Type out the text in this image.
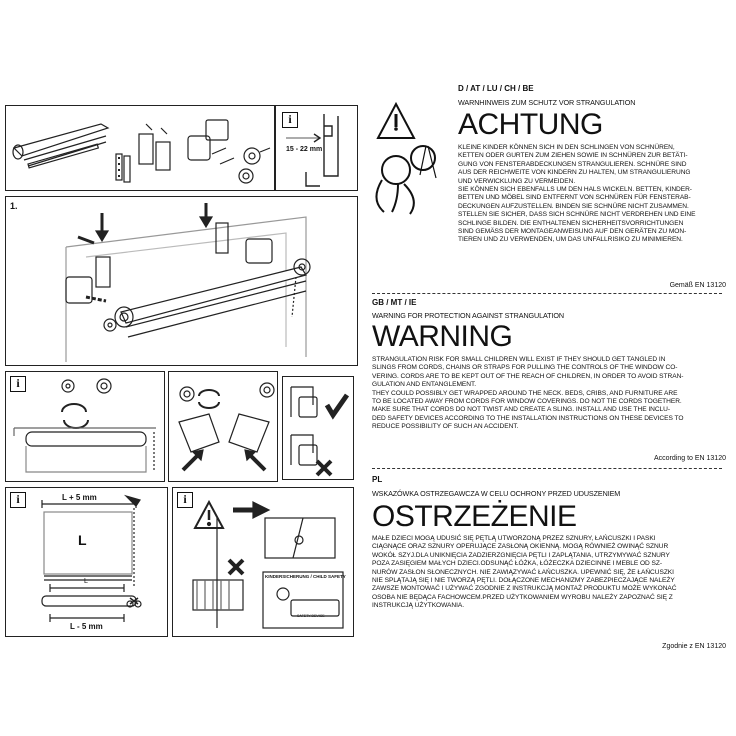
i
15 - 22 mm
1.
i
i	L + 5 mm
L
L
L - 5 mm
i
KINDERSICHERUNG / CHILD SAFETY
SAFETY DEVICE
D / AT / LU / CH / BE
WARNHINWEIS ZUM SCHUTZ VOR STRANGULATION
ACHTUNG
KLEINE KINDER KÖNNEN SICH IN DEN SCHLINGEN VON SCHNÜREN,
KETTEN ODER GURTEN ZUM ZIEHEN SOWIE IN SCHNÜREN ZUR BETÄTI-
GUNG VON FENSTERABDECKUNGEN STRANGULIEREN. SCHNÜRE SIND
AUS DER REICHWEITE VON KINDERN ZU HALTEN, UM STRANGULIERUNG
UND VERWICKLUNG ZU VERMEIDEN.
SIE KÖNNEN SICH EBENFALLS UM DEN HALS WICKELN. BETTEN, KINDER-
BETTEN UND MÖBEL SIND ENTFERNT VON SCHNÜREN FÜR FENSTERAB-
DECKUNGEN AUFZUSTELLEN. BINDEN SIE SCHNÜRE NICHT ZUSAMMEN.
STELLEN SIE SICHER, DASS SICH SCHNÜRE NICHT VERDREHEN UND EINE
SCHLINGE BILDEN. DIE ENTHALTENEN SICHERHEITSVORRICHTUNGEN
SIND GEMÄSS DER MONTAGEANWEISUNG AUF DEN GERÄTEN ZU MON-
TIEREN UND ZU VERWENDEN, UM DAS UNFALLRISIKO ZU MINIMIEREN.
Gemäß EN 13120
GB / MT / IE
WARNING FOR PROTECTION AGAINST STRANGULATION
WARNING
STRANGULATION RISK FOR SMALL CHILDREN WILL EXIST IF THEY SHOULD GET TANGLED IN
SLINGS FROM CORDS, CHAINS OR STRAPS FOR PULLING THE CONTROLS OF THE WINDOW CO-
VERING. CORDS ARE TO BE KEPT OUT OF THE REACH OF CHILDREN, IN ORDER TO AVOID STRAN-
GULATION AND ENTANGLEMENT.
THEY COULD POSSIBLY GET WRAPPED AROUND THE NECK. BEDS, CRIBS, AND FURNITURE ARE
TO BE LOCATED AWAY FROM CORDS FOR WINDOW COVERINGS. DO NOT TIE CORDS TOGETHER.
MAKE SURE THAT CORDS DO NOT TWIST AND CREATE A SLING. INSTALL AND USE THE INCLU-
DED SAFETY DEVICES ACCORDING TO THE INSTALLATION INSTRUCTIONS ON THESE DEVICES TO
REDUCE POSSIBILITY OF SUCH AN ACCIDENT.
According to EN 13120
PL
WSKAZÓWKA OSTRZEGAWCZA W CELU OCHRONY PRZED UDUSZENIEM
OSTRZEŻENIE
MAŁE DZIECI MOGĄ UDUSIĆ SIĘ PĘTLĄ UTWORZONĄ PRZEZ SZNURY, ŁAŃCUSZKI I PASKI
CIĄGNĄCE ORAZ SZNURY OPERUJĄCE ZASŁONĄ OKIENNĄ. MOGĄ RÓWNIEŻ OWINĄĆ SZNUR
WOKÓŁ SZYJ.DLA UNIKNIĘCIA ZADZIERZGNIĘCIA PĘTLI I ZAPLĄTANIA, UTRZYMYWAĆ SZNURY
POZA ZASIĘGIEM MAŁYCH DZIECI.ODSUNĄĆ ŁÓŻKA, ŁÓŻECZKA DZIECINNE I MEBLE OD SZ-
NURÓW ZASŁON SŁONECZNYCH. NIE ZAWIĄZYWAĆ ŁAŃCUSZKA. UPEWNIĆ SIĘ, ŻE ŁAŃCUSZKI
NIE SPLĄTAJĄ SIĘ I NIE TWORZĄ PĘTLI. DOŁĄCZONE MECHANIZMY ZABEZPIECZAJĄCE NALEŻY
ZAWSZE MONTOWAĆ I UŻYWAĆ ZGODNIE Z INSTRUKCJĄ MONTAŻ PRODUKTU MOŻE WYKONAĆ
OSOBA NIE BĘDĄCA FACHOWCEM.PRZED UŻYTKOWANIEM WYROBU NALEŻY ZAPOZNAĆ SIĘ Z
INSTRUKCJĄ UŻYTKOWANIA.
Zgodnie z EN 13120
